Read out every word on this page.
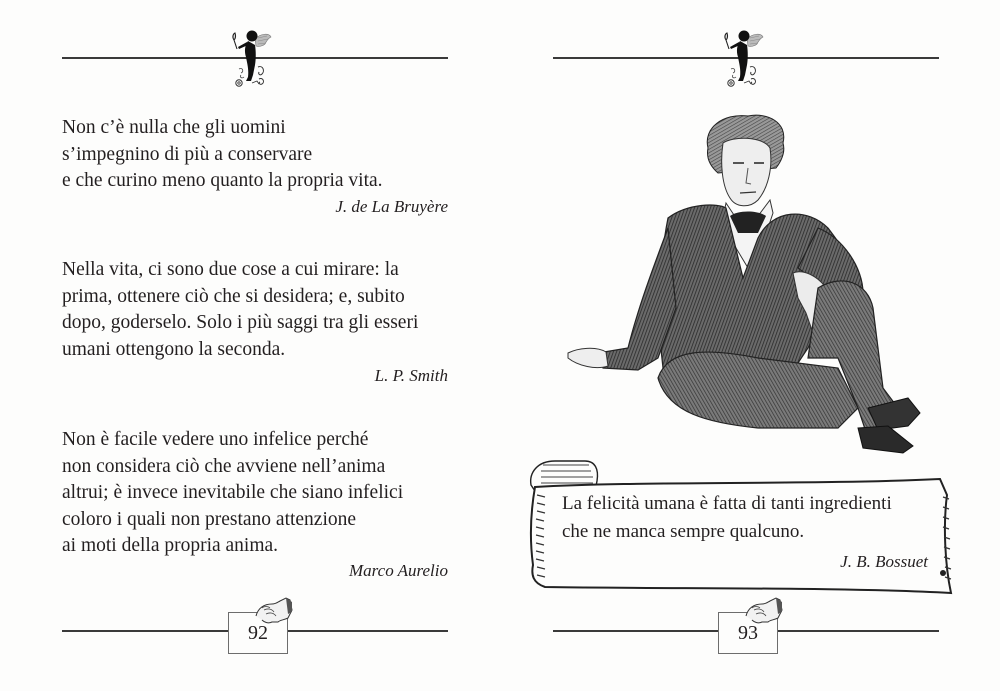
Non c’è nulla che gli uomini
s’impegnino di più a conservare
e che curino meno quanto la propria vita.
J. de La Bruyère
Nella vita, ci sono due cose a cui mirare: la
prima, ottenere ciò che si desidera; e, subito
dopo, goderselo. Solo i più saggi tra gli esseri
umani ottengono la seconda.
L. P. Smith
Non è facile vedere uno infelice perché
non considera ciò che avviene nell’anima
altrui; è invece inevitabile che siano infelici
coloro i quali non prestano attenzione
ai moti della propria anima.
Marco Aurelio
92
La felicità umana è fatta di tanti ingredienti
che ne manca sempre qualcuno.
J. B. Bossuet
93
